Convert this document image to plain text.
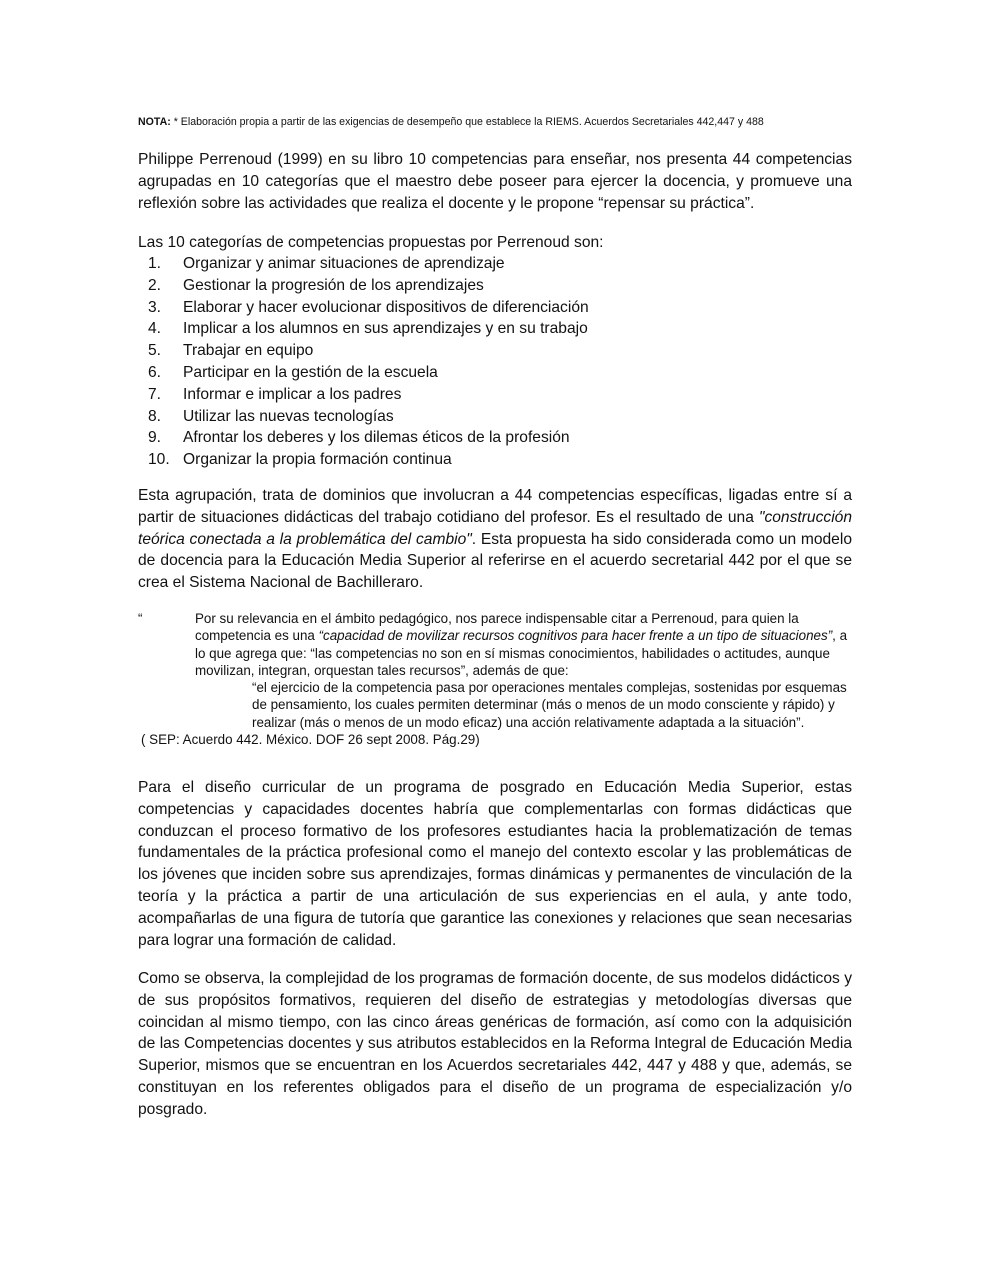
NOTA: * Elaboración propia a partir de las exigencias de desempeño que establece la RIEMS. Acuerdos Secretariales 442,447 y 488

Philippe Perrenoud (1999) en su libro 10 competencias para enseñar, nos presenta 44 competencias agrupadas en 10 categorías que el maestro debe poseer para ejercer la docencia, y promueve una reflexión sobre las actividades que realiza el docente y le propone “repensar su práctica”.

Las 10 categorías de competencias propuestas por Perrenoud son:

1. Organizar y animar situaciones de aprendizaje
2. Gestionar la progresión de los aprendizajes
3. Elaborar y hacer evolucionar dispositivos de diferenciación
4. Implicar a los alumnos en sus aprendizajes y en su trabajo
5. Trabajar en equipo
6. Participar en la gestión de la escuela
7. Informar e implicar a los padres
8. Utilizar las nuevas tecnologías
9. Afrontar los deberes y los dilemas éticos de la profesión
10. Organizar la propia formación continua

Esta agrupación, trata de dominios que involucran a 44 competencias específicas, ligadas entre sí a partir de situaciones didácticas del trabajo cotidiano del profesor. Es el resultado de una "construcción teórica conectada a la problemática del cambio". Esta propuesta ha sido considerada como un modelo de docencia para la Educación Media Superior al referirse en el acuerdo secretarial 442 por el que se crea el Sistema Nacional de Bachilleraro.

“	Por su relevancia en el ámbito pedagógico, nos parece indispensable citar a Perrenoud, para quien la competencia es una “capacidad de movilizar recursos cognitivos para hacer frente a un tipo de situaciones”, a lo que agrega que: “las competencias no son en sí mismas conocimientos, habilidades o actitudes, aunque movilizan, integran, orquestan tales recursos”, además de que:
“el ejercicio de la competencia pasa por operaciones mentales complejas, sostenidas por esquemas de pensamiento, los cuales permiten determinar (más o menos de un modo consciente y rápido) y realizar (más o menos de un modo eficaz) una acción relativamente adaptada a la situación”.
( SEP: Acuerdo 442. México. DOF 26 sept 2008. Pág.29)

Para el diseño curricular de un programa de posgrado en Educación Media Superior, estas competencias y capacidades docentes habría que complementarlas con formas didácticas que conduzcan el proceso formativo de los profesores estudiantes hacia la problematización de temas fundamentales de la práctica profesional como el manejo del contexto escolar y las problemáticas de los jóvenes que inciden sobre sus aprendizajes, formas dinámicas y permanentes de vinculación de la teoría y la práctica a partir de una articulación de sus experiencias en el aula, y ante todo, acompañarlas de una figura de tutoría que garantice las conexiones y relaciones que sean necesarias para lograr una formación de calidad.

Como se observa, la complejidad de los programas de formación docente, de sus modelos didácticos y de sus propósitos formativos, requieren del diseño de estrategias y metodologías diversas que coincidan al mismo tiempo, con las cinco áreas genéricas de formación, así como con la adquisición de las Competencias docentes y sus atributos establecidos en la Reforma Integral de Educación Media Superior, mismos que se encuentran en los Acuerdos secretariales 442, 447 y 488 y que, además, se constituyan en los referentes obligados para el diseño de un programa de especialización y/o posgrado.
